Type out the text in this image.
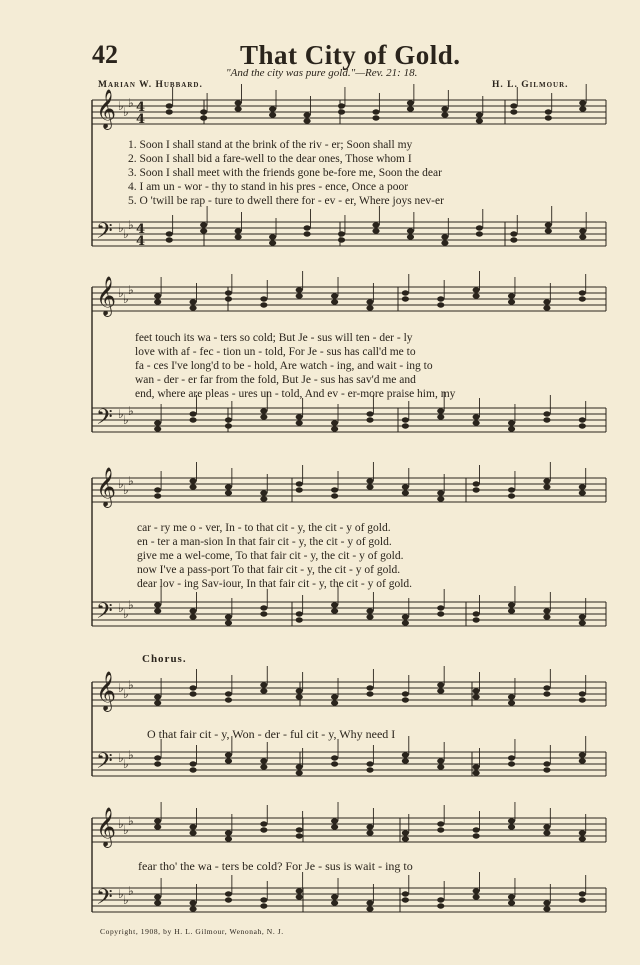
42	That City of Gold.
"And the city was pure gold."—Rev. 21: 18.
Marian W. Hubbard.	H. L. Gilmour.
𝄞
𝄢
♭ ♭
♭
♭ ♭
♭
4
4
4
4
𝄞
𝄢
♭ ♭
♭
♭ ♭
♭
𝄞
𝄢
♭ ♭
♭
♭ ♭
♭
𝄞
𝄢
♭ ♭
♭
♭ ♭
♭
𝄞
𝄢
♭ ♭
♭
♭ ♭
♭
1. Soon I shall stand at the brink of the riv - er; Soon shall my
2. Soon I shall bid a fare-well to the dear ones, Those whom I
3. Soon I shall meet with the friends gone be-fore me, Soon the dear
4. I am un - wor - thy to stand in his pres - ence, Once a poor
5. O 'twill be rap - ture to dwell there for - ev - er, Where joys nev-er
feet touch its wa - ters so cold; But Je - sus will ten - der - ly
love with af - fec - tion un - told, For Je - sus has call'd me to
fa - ces I've long'd to be - hold, Are watch - ing, and wait - ing to
wan - der - er far from the fold, But Je - sus has sav'd me and
end, where are pleas - ures un - told, And ev - er-more praise him, my
car - ry me o - ver, In - to that cit - y, the cit - y of gold.
en - ter a man-sion In that fair cit - y, the cit - y of gold.
give me a wel-come, To that fair cit - y, the cit - y of gold.
now I've a pass-port To that fair cit - y, the cit - y of gold.
dear lov - ing Sav-iour, In that fair cit - y, the cit - y of gold.
Chorus.
O that fair cit - y, Won - der - ful cit - y, Why need I
fear tho' the wa - ters be cold? For Je - sus is wait - ing to
Copyright, 1908, by H. L. Gilmour, Wenonah, N. J.
